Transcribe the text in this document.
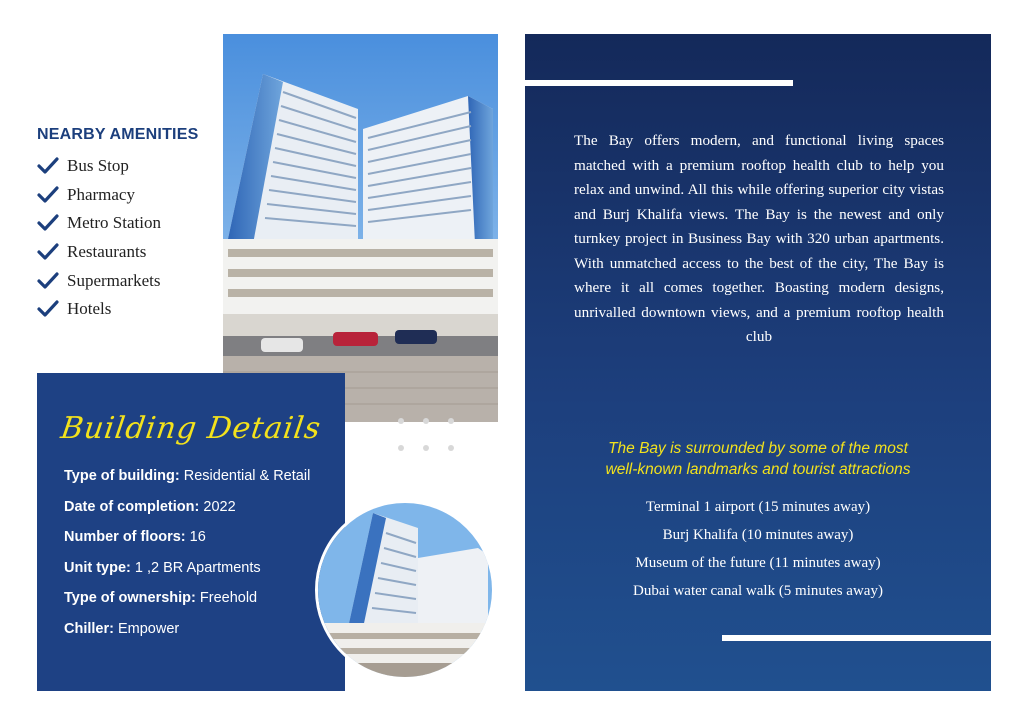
NEARBY AMENITIES
Bus Stop
Pharmacy
Metro Station
Restaurants
Supermarkets
Hotels
Building Details
Type of building: Residential & Retail
Date of completion: 2022
Number of floors: 16
Unit type: 1 ,2 BR Apartments
Type of ownership: Freehold
Chiller: Empower
The Bay offers modern, and functional living spaces matched with a premium rooftop health club to help you relax and unwind. All this while offering superior city vistas and Burj Khalifa views. The Bay is the newest and only turnkey project in Business Bay with 320 urban apartments. With unmatched access to the best of the city, The Bay is where it all comes together. Boasting modern designs, unrivalled downtown views, and a premium rooftop health club
The Bay is surrounded by some of the most
well-known landmarks and tourist attractions
Terminal 1 airport (15 minutes away)
Burj Khalifa (10 minutes away)
Museum of the future (11 minutes away)
Dubai water canal walk (5 minutes away)
